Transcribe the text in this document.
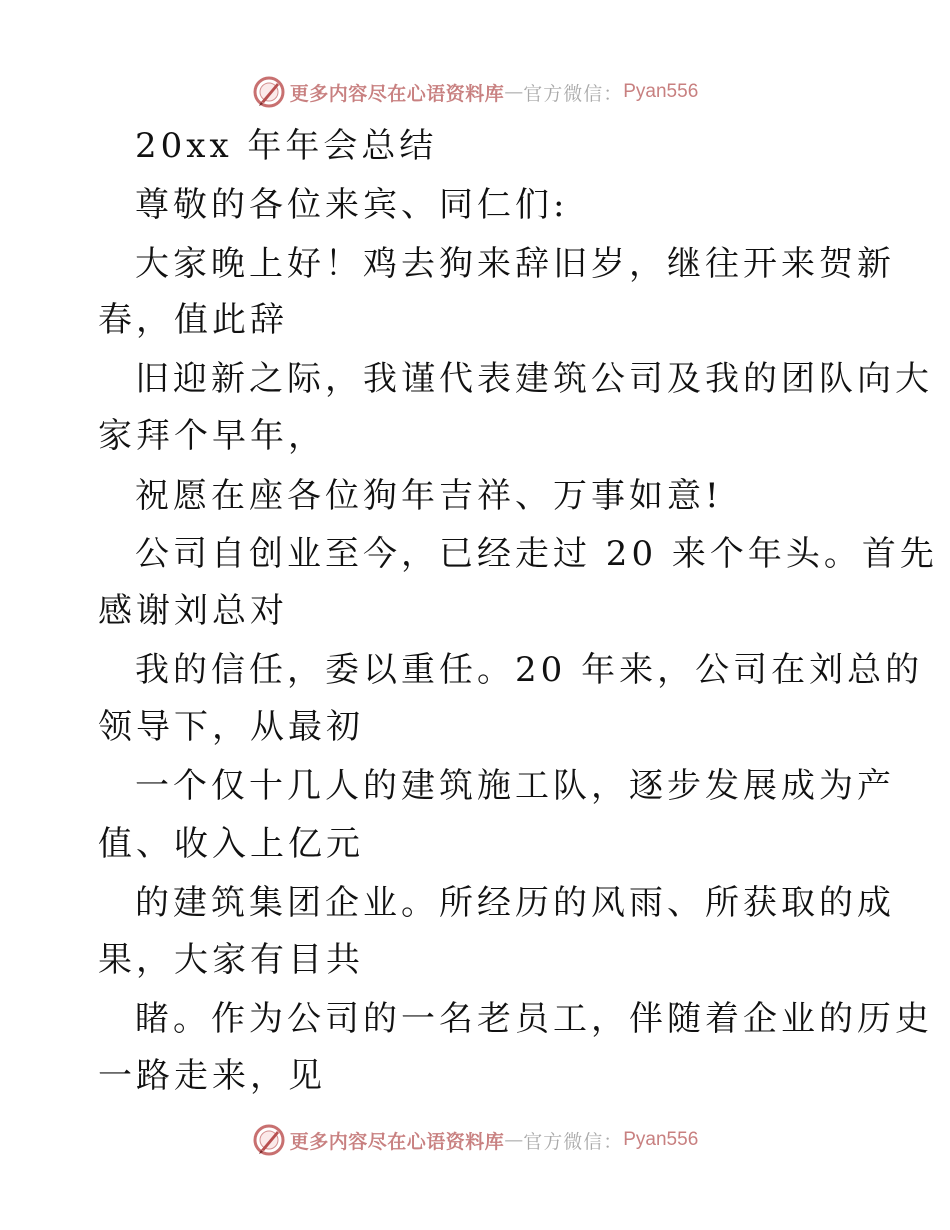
更多内容尽在心语资料库 — 官方微信： Pyan556
20xx 年年会总结
尊敬的各位来宾、同仁们:
大家晚上好！鸡去狗来辞旧岁，继往开来贺新
春，值此辞
旧迎新之际，我谨代表建筑公司及我的团队向大
家拜个早年，
祝愿在座各位狗年吉祥、万事如意!
公司自创业至今，已经走过 20 来个年头。首先
感谢刘总对
我的信任，委以重任。20 年来，公司在刘总的
领导下，从最初
一个仅十几人的建筑施工队，逐步发展成为产
值、收入上亿元
的建筑集团企业。所经历的风雨、所获取的成
果，大家有目共
睹。作为公司的一名老员工，伴随着企业的历史
一路走来，见
更多内容尽在心语资料库 — 官方微信： Pyan556
